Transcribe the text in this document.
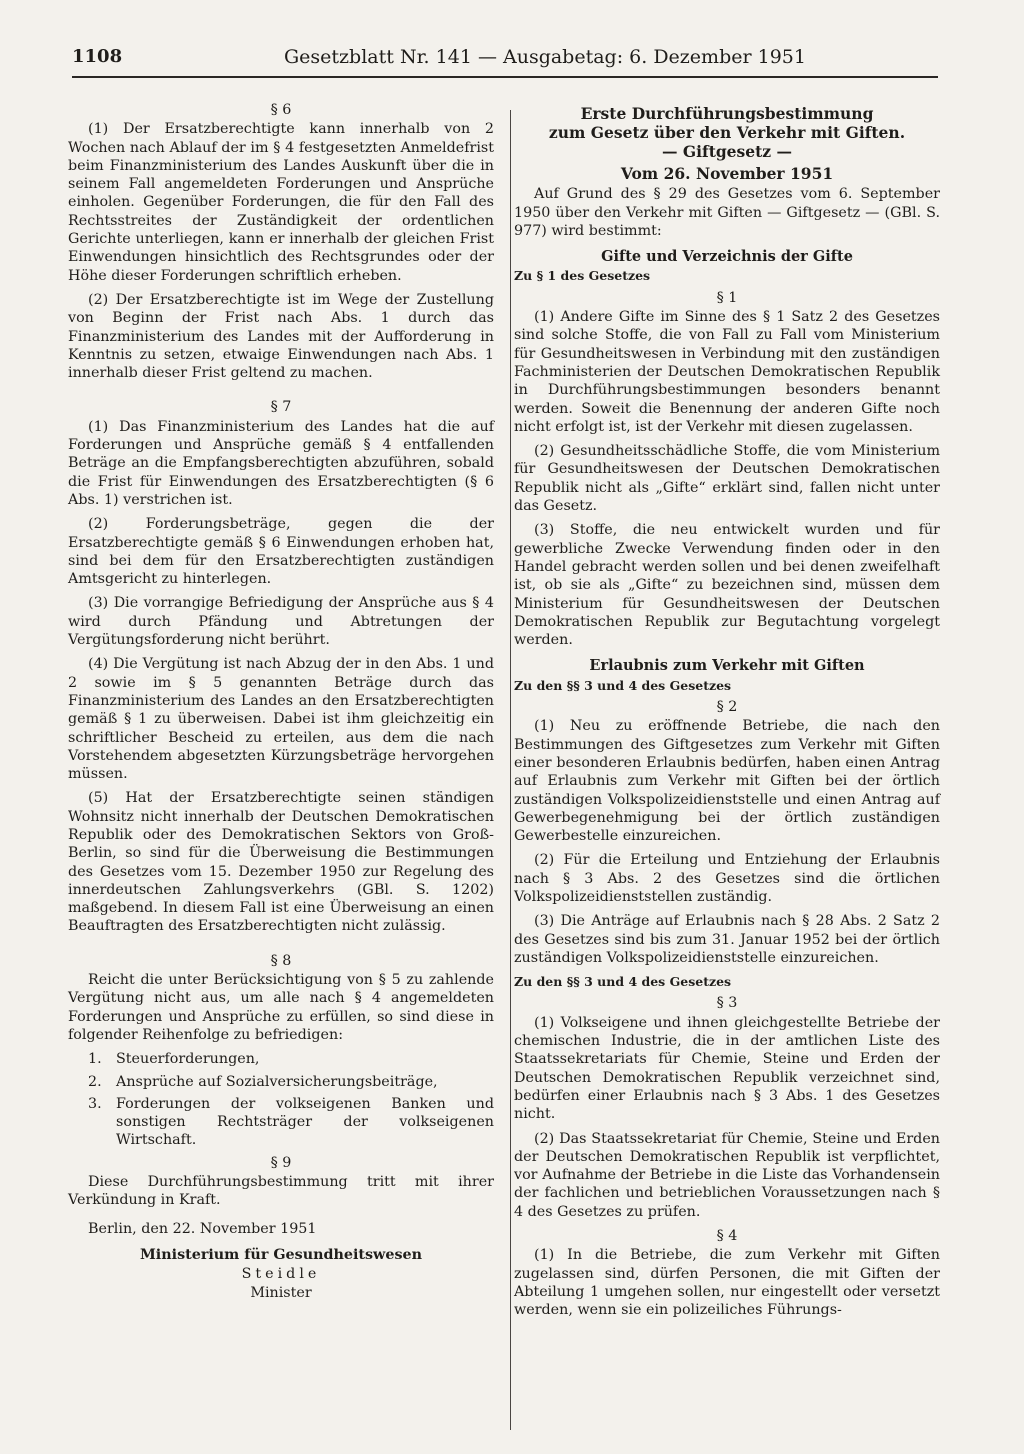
1108	Gesetzblatt Nr. 141 — Ausgabetag: 6. Dezember 1951
§ 6

(1) Der Ersatzberechtigte kann innerhalb von 2 Wochen nach Ablauf der im § 4 festgesetzten Anmeldefrist beim Finanzministerium des Landes Auskunft über die in seinem Fall angemeldeten Forderungen und Ansprüche einholen. Gegenüber Forderungen, die für den Fall des Rechtsstreites der Zuständigkeit der ordentlichen Gerichte unterliegen, kann er innerhalb der gleichen Frist Einwendungen hinsichtlich des Rechtsgrundes oder der Höhe dieser Forderungen schriftlich erheben.

(2) Der Ersatzberechtigte ist im Wege der Zustellung von Beginn der Frist nach Abs. 1 durch das Finanzministerium des Landes mit der Aufforderung in Kenntnis zu setzen, etwaige Einwendungen nach Abs. 1 innerhalb dieser Frist geltend zu machen.

§ 7

(1) Das Finanzministerium des Landes hat die auf Forderungen und Ansprüche gemäß § 4 entfallenden Beträge an die Empfangsberechtigten abzuführen, sobald die Frist für Einwendungen des Ersatzberechtigten (§ 6 Abs. 1) verstrichen ist.

(2) Forderungsbeträge, gegen die der Ersatzberechtigte gemäß § 6 Einwendungen erhoben hat, sind bei dem für den Ersatzberechtigten zuständigen Amtsgericht zu hinterlegen.

(3) Die vorrangige Befriedigung der Ansprüche aus § 4 wird durch Pfändung und Abtretungen der Vergütungsforderung nicht berührt.

(4) Die Vergütung ist nach Abzug der in den Abs. 1 und 2 sowie im § 5 genannten Beträge durch das Finanzministerium des Landes an den Ersatzberechtigten gemäß § 1 zu überweisen. Dabei ist ihm gleichzeitig ein schriftlicher Bescheid zu erteilen, aus dem die nach Vorstehendem abgesetzten Kürzungsbeträge hervorgehen müssen.

(5) Hat der Ersatzberechtigte seinen ständigen Wohnsitz nicht innerhalb der Deutschen Demokratischen Republik oder des Demokratischen Sektors von Groß-Berlin, so sind für die Überweisung die Bestimmungen des Gesetzes vom 15. Dezember 1950 zur Regelung des innerdeutschen Zahlungsverkehrs (GBl. S. 1202) maßgebend. In diesem Fall ist eine Überweisung an einen Beauftragten des Ersatzberechtigten nicht zulässig.

§ 8

Reicht die unter Berücksichtigung von § 5 zu zahlende Vergütung nicht aus, um alle nach § 4 angemeldeten Forderungen und Ansprüche zu erfüllen, so sind diese in folgender Reihenfolge zu befriedigen:

1. Steuerforderungen,
2. Ansprüche auf Sozialversicherungsbeiträge,
3. Forderungen der volkseigenen Banken und sonstigen Rechtsträger der volkseigenen Wirtschaft.
§ 9

Diese Durchführungsbestimmung tritt mit ihrer Verkündung in Kraft.

Berlin, den 22. November 1951

Ministerium für Gesundheitswesen
Steidle
Minister
Erste Durchführungsbestimmung
zum Gesetz über den Verkehr mit Giften.
— Giftgesetz —
Vom 26. November 1951

Auf Grund des § 29 des Gesetzes vom 6. September 1950 über den Verkehr mit Giften — Giftgesetz — (GBl. S. 977) wird bestimmt:

Gifte und Verzeichnis der Gifte
Zu § 1 des Gesetzes
§ 1

(1) Andere Gifte im Sinne des § 1 Satz 2 des Gesetzes sind solche Stoffe, die von Fall zu Fall vom Ministerium für Gesundheitswesen in Verbindung mit den zuständigen Fachministerien der Deutschen Demokratischen Republik in Durchführungsbestimmungen besonders benannt werden. Soweit die Benennung der anderen Gifte noch nicht erfolgt ist, ist der Verkehr mit diesen zugelassen.

(2) Gesundheitsschädliche Stoffe, die vom Ministerium für Gesundheitswesen der Deutschen Demokratischen Republik nicht als „Gifte“ erklärt sind, fallen nicht unter das Gesetz.

(3) Stoffe, die neu entwickelt wurden und für gewerbliche Zwecke Verwendung finden oder in den Handel gebracht werden sollen und bei denen zweifelhaft ist, ob sie als „Gifte“ zu bezeichnen sind, müssen dem Ministerium für Gesundheitswesen der Deutschen Demokratischen Republik zur Begutachtung vorgelegt werden.

Erlaubnis zum Verkehr mit Giften
Zu den §§ 3 und 4 des Gesetzes
§ 2

(1) Neu zu eröffnende Betriebe, die nach den Bestimmungen des Giftgesetzes zum Verkehr mit Giften einer besonderen Erlaubnis bedürfen, haben einen Antrag auf Erlaubnis zum Verkehr mit Giften bei der örtlich zuständigen Volkspolizeidienststelle und einen Antrag auf Gewerbegenehmigung bei der örtlich zuständigen Gewerbestelle einzureichen.

(2) Für die Erteilung und Entziehung der Erlaubnis nach § 3 Abs. 2 des Gesetzes sind die örtlichen Volkspolizeidienststellen zuständig.

(3) Die Anträge auf Erlaubnis nach § 28 Abs. 2 Satz 2 des Gesetzes sind bis zum 31. Januar 1952 bei der örtlich zuständigen Volkspolizeidienststelle einzureichen.

Zu den §§ 3 und 4 des Gesetzes
§ 3

(1) Volkseigene und ihnen gleichgestellte Betriebe der chemischen Industrie, die in der amtlichen Liste des Staatssekretariats für Chemie, Steine und Erden der Deutschen Demokratischen Republik verzeichnet sind, bedürfen einer Erlaubnis nach § 3 Abs. 1 des Gesetzes nicht.

(2) Das Staatssekretariat für Chemie, Steine und Erden der Deutschen Demokratischen Republik ist verpflichtet, vor Aufnahme der Betriebe in die Liste das Vorhandensein der fachlichen und betrieblichen Voraussetzungen nach § 4 des Gesetzes zu prüfen.

§ 4

(1) In die Betriebe, die zum Verkehr mit Giften zugelassen sind, dürfen Personen, die mit Giften der Abteilung 1 umgehen sollen, nur eingestellt oder versetzt werden, wenn sie ein polizeiliches Führungs-
